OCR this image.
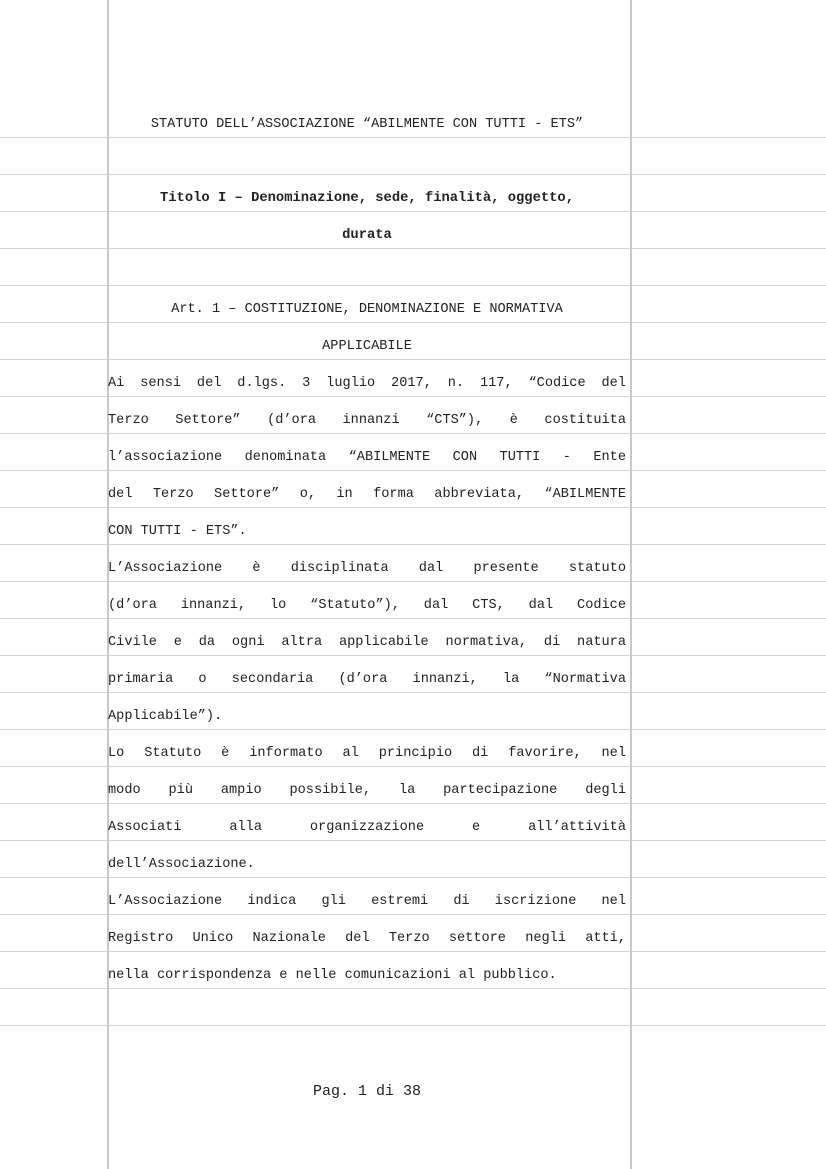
STATUTO DELL’ASSOCIAZIONE “ABILMENTE CON TUTTI - ETS”
Titolo I – Denominazione, sede, finalità, oggetto,
durata
Art. 1 – COSTITUZIONE, DENOMINAZIONE E NORMATIVA
APPLICABILE
Ai sensi del d.lgs. 3 luglio 2017, n. 117, “Codice del
Terzo Settore” (d’ora innanzi “CTS”), è costituita
l’associazione denominata “ABILMENTE CON TUTTI - Ente
del Terzo Settore” o, in forma abbreviata, “ABILMENTE
CON TUTTI - ETS”.
L’Associazione è disciplinata dal presente statuto
(d’ora innanzi, lo “Statuto”), dal CTS, dal Codice
Civile e da ogni altra applicabile normativa, di natura
primaria o secondaria (d’ora innanzi, la “Normativa
Applicabile”).
Lo Statuto è informato al principio di favorire, nel
modo più ampio possibile, la partecipazione degli
Associati alla organizzazione e all’attività
dell’Associazione.
L’Associazione indica gli estremi di iscrizione nel
Registro Unico Nazionale del Terzo settore negli atti,
nella corrispondenza e nelle comunicazioni al pubblico.
Pag. 1 di 38
